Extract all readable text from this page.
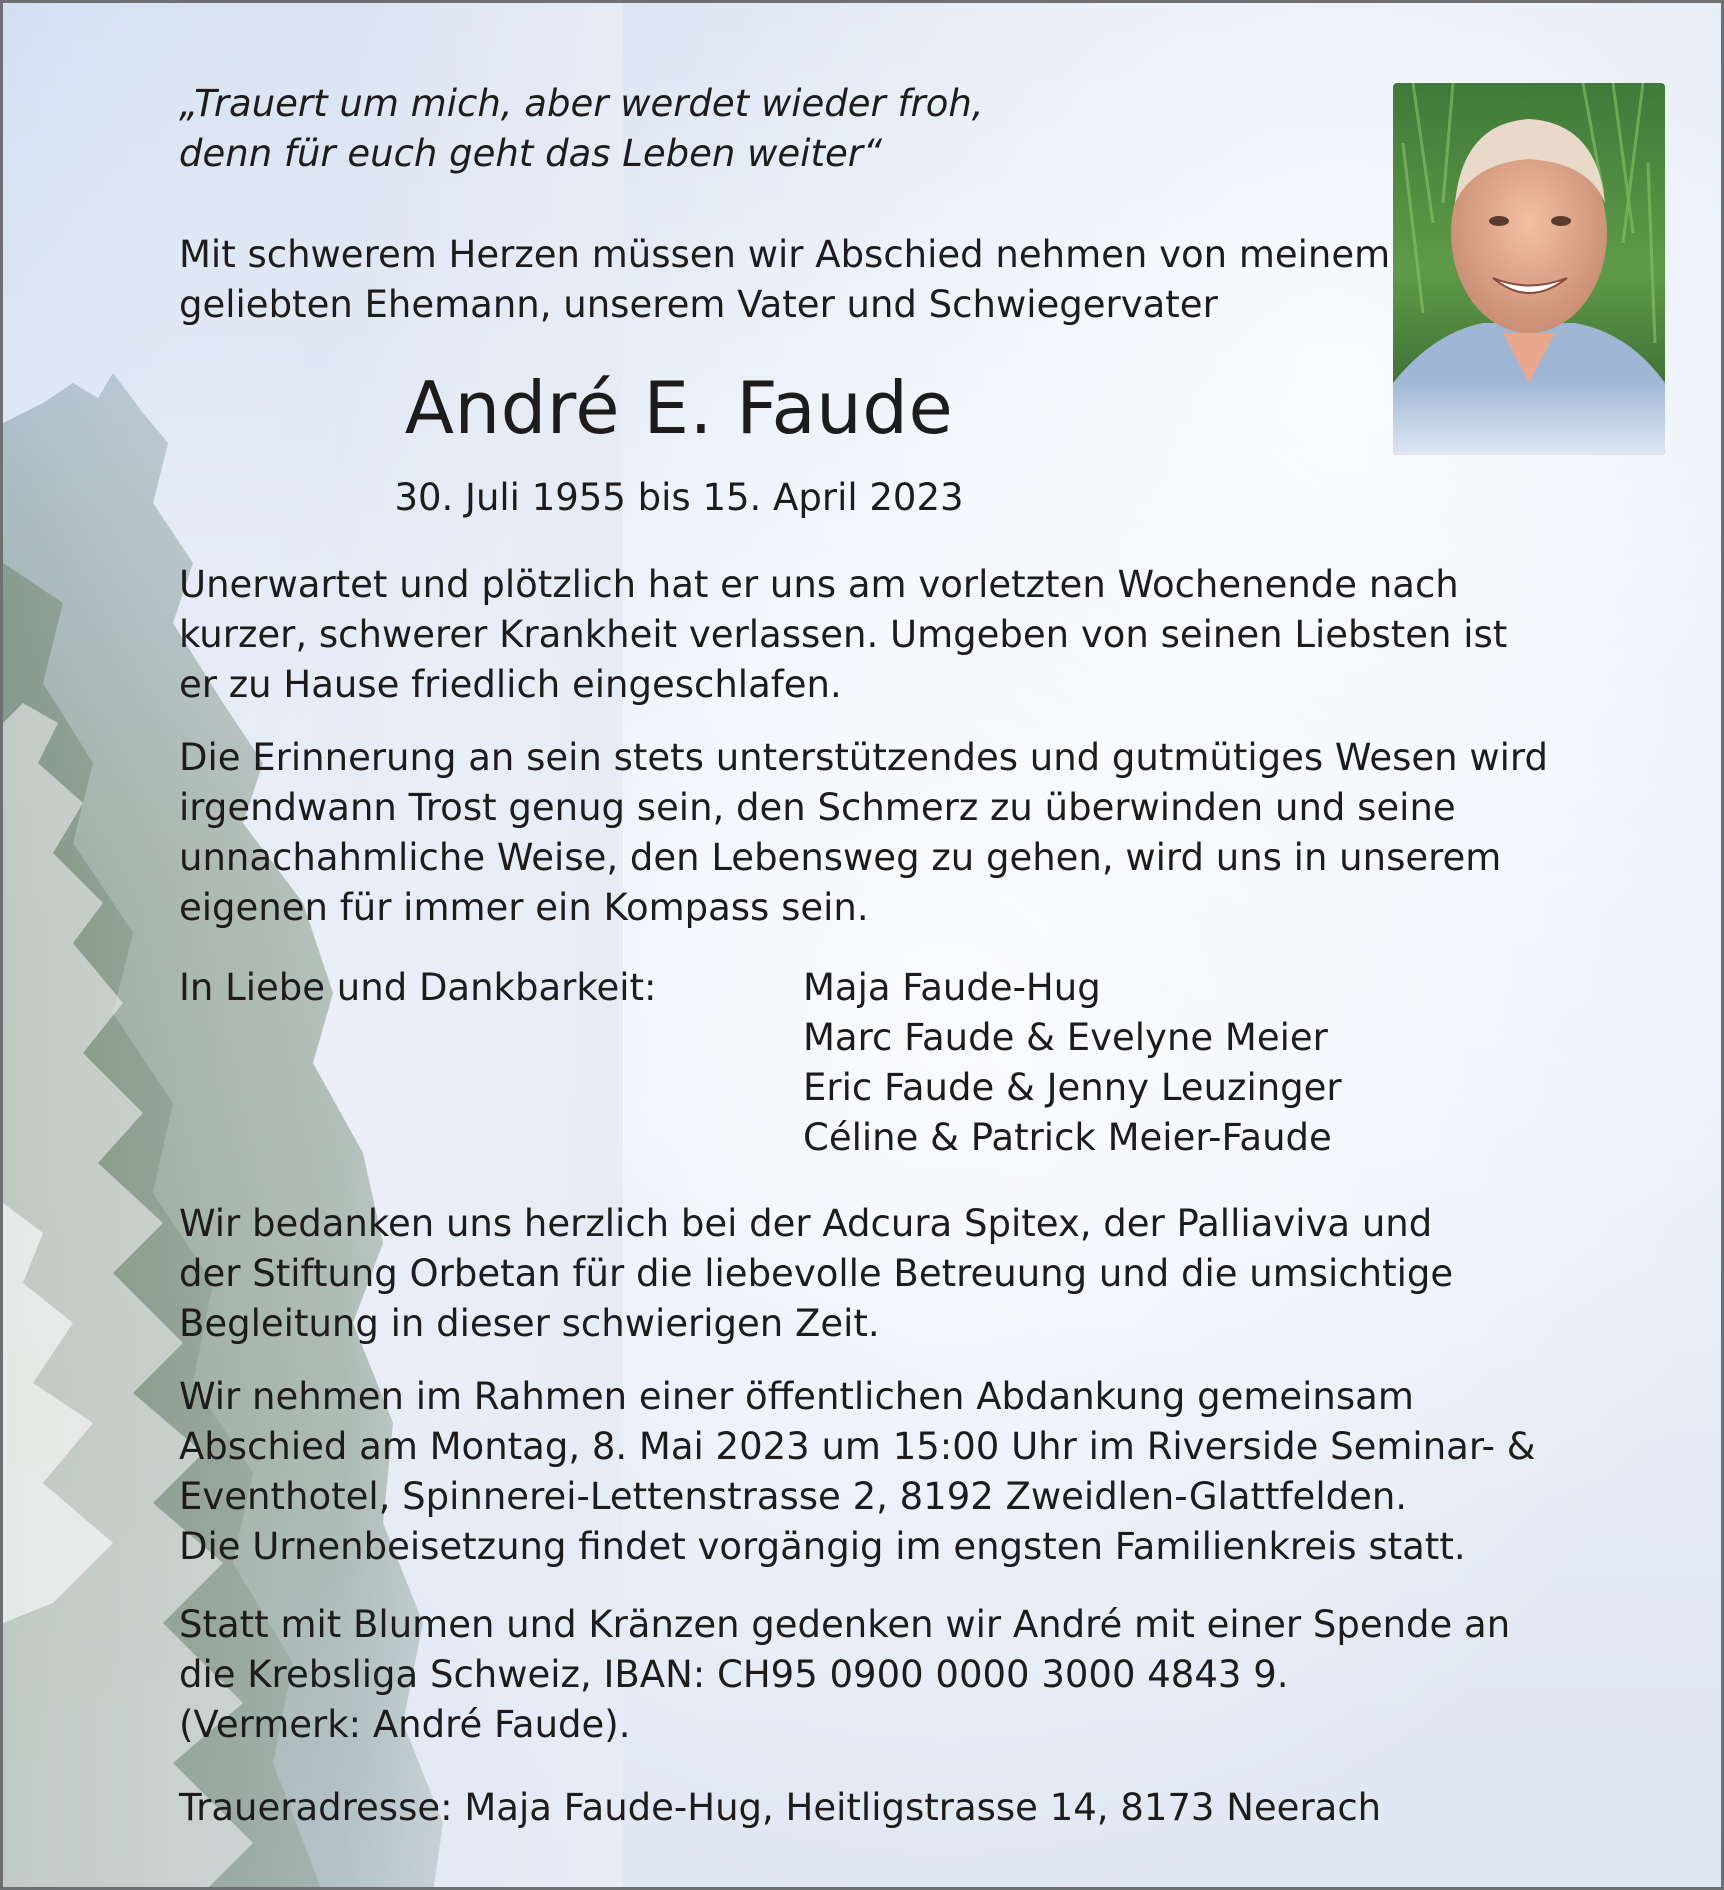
„Trauert um mich, aber werdet wieder froh,
denn für euch geht das Leben weiter“
Mit schwerem Herzen müssen wir Abschied nehmen von meinem
geliebten Ehemann, unserem Vater und Schwiegervater
André E. Faude
30. Juli 1955 bis 15. April 2023
Unerwartet und plötzlich hat er uns am vorletzten Wochenende nach
kurzer, schwerer Krankheit verlassen. Umgeben von seinen Liebsten ist
er zu Hause friedlich eingeschlafen.
Die Erinnerung an sein stets unterstützendes und gutmütiges Wesen wird
irgendwann Trost genug sein, den Schmerz zu überwinden und seine
unnachahmliche Weise, den Lebensweg zu gehen, wird uns in unserem
eigenen für immer ein Kompass sein.
In Liebe und Dankbarkeit:	Maja Faude-Hug
Marc Faude & Evelyne Meier
Eric Faude & Jenny Leuzinger
Céline & Patrick Meier-Faude
Wir bedanken uns herzlich bei der Adcura Spitex, der Palliaviva und
der Stiftung Orbetan für die liebevolle Betreuung und die umsichtige
Begleitung in dieser schwierigen Zeit.
Wir nehmen im Rahmen einer öffentlichen Abdankung gemeinsam
Abschied am Montag, 8. Mai 2023 um 15:00 Uhr im Riverside Seminar- &
Eventhotel, Spinnerei-Lettenstrasse 2, 8192 Zweidlen-Glattfelden.
Die Urnenbeisetzung findet vorgängig im engsten Familienkreis statt.
Statt mit Blumen und Kränzen gedenken wir André mit einer Spende an
die Krebsliga Schweiz, IBAN: CH95 0900 0000 3000 4843 9.
(Vermerk: André Faude).
Traueradresse: Maja Faude-Hug, Heitligstrasse 14, 8173 Neerach
